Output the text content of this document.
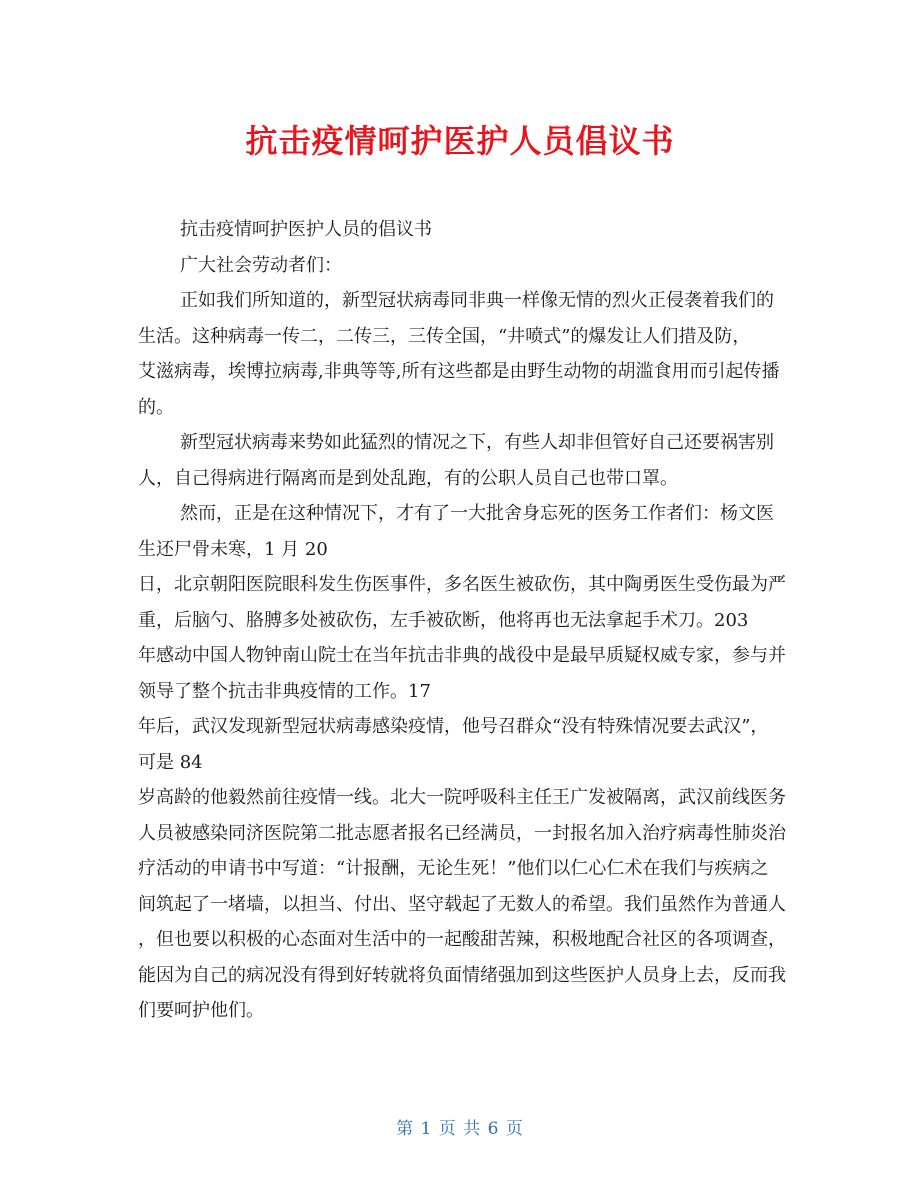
抗击疫情呵护医护人员倡议书
抗击疫情呵护医护人员的倡议书
广大社会劳动者们：
正如我们所知道的，新型冠状病毒同非典一样像无情的烈火正侵袭着我们的
生活。这种病毒一传二，二传三，三传全国，“井喷式”的爆发让人们措及防，
艾滋病毒，埃博拉病毒,非典等等,所有这些都是由野生动物的胡滥食用而引起传播
的。
新型冠状病毒来势如此猛烈的情况之下，有些人却非但管好自己还要祸害别
人，自己得病进行隔离而是到处乱跑，有的公职人员自己也带口罩。
然而，正是在这种情况下，才有了一大批舍身忘死的医务工作者们：杨文医
生还尸骨未寒，1 月 20
日，北京朝阳医院眼科发生伤医事件，多名医生被砍伤，其中陶勇医生受伤最为严
重，后脑勺、胳膊多处被砍伤，左手被砍断，他将再也无法拿起手术刀。203
年感动中国人物钟南山院士在当年抗击非典的战役中是最早质疑权威专家，参与并
领导了整个抗击非典疫情的工作。17
年后，武汉发现新型冠状病毒感染疫情，他号召群众“没有特殊情况要去武汉”，
可是 84
岁高龄的他毅然前往疫情一线。北大一院呼吸科主任王广发被隔离，武汉前线医务
人员被感染同济医院第二批志愿者报名已经满员，一封报名加入治疗病毒性肺炎治
疗活动的申请书中写道：“计报酬，无论生死！”他们以仁心仁术在我们与疾病之
间筑起了一堵墙，以担当、付出、坚守载起了无数人的希望。我们虽然作为普通人
，但也要以积极的心态面对生活中的一起酸甜苦辣，积极地配合社区的各项调查，
能因为自己的病况没有得到好转就将负面情绪强加到这些医护人员身上去，反而我
们要呵护他们。
第 1 页 共 6 页
